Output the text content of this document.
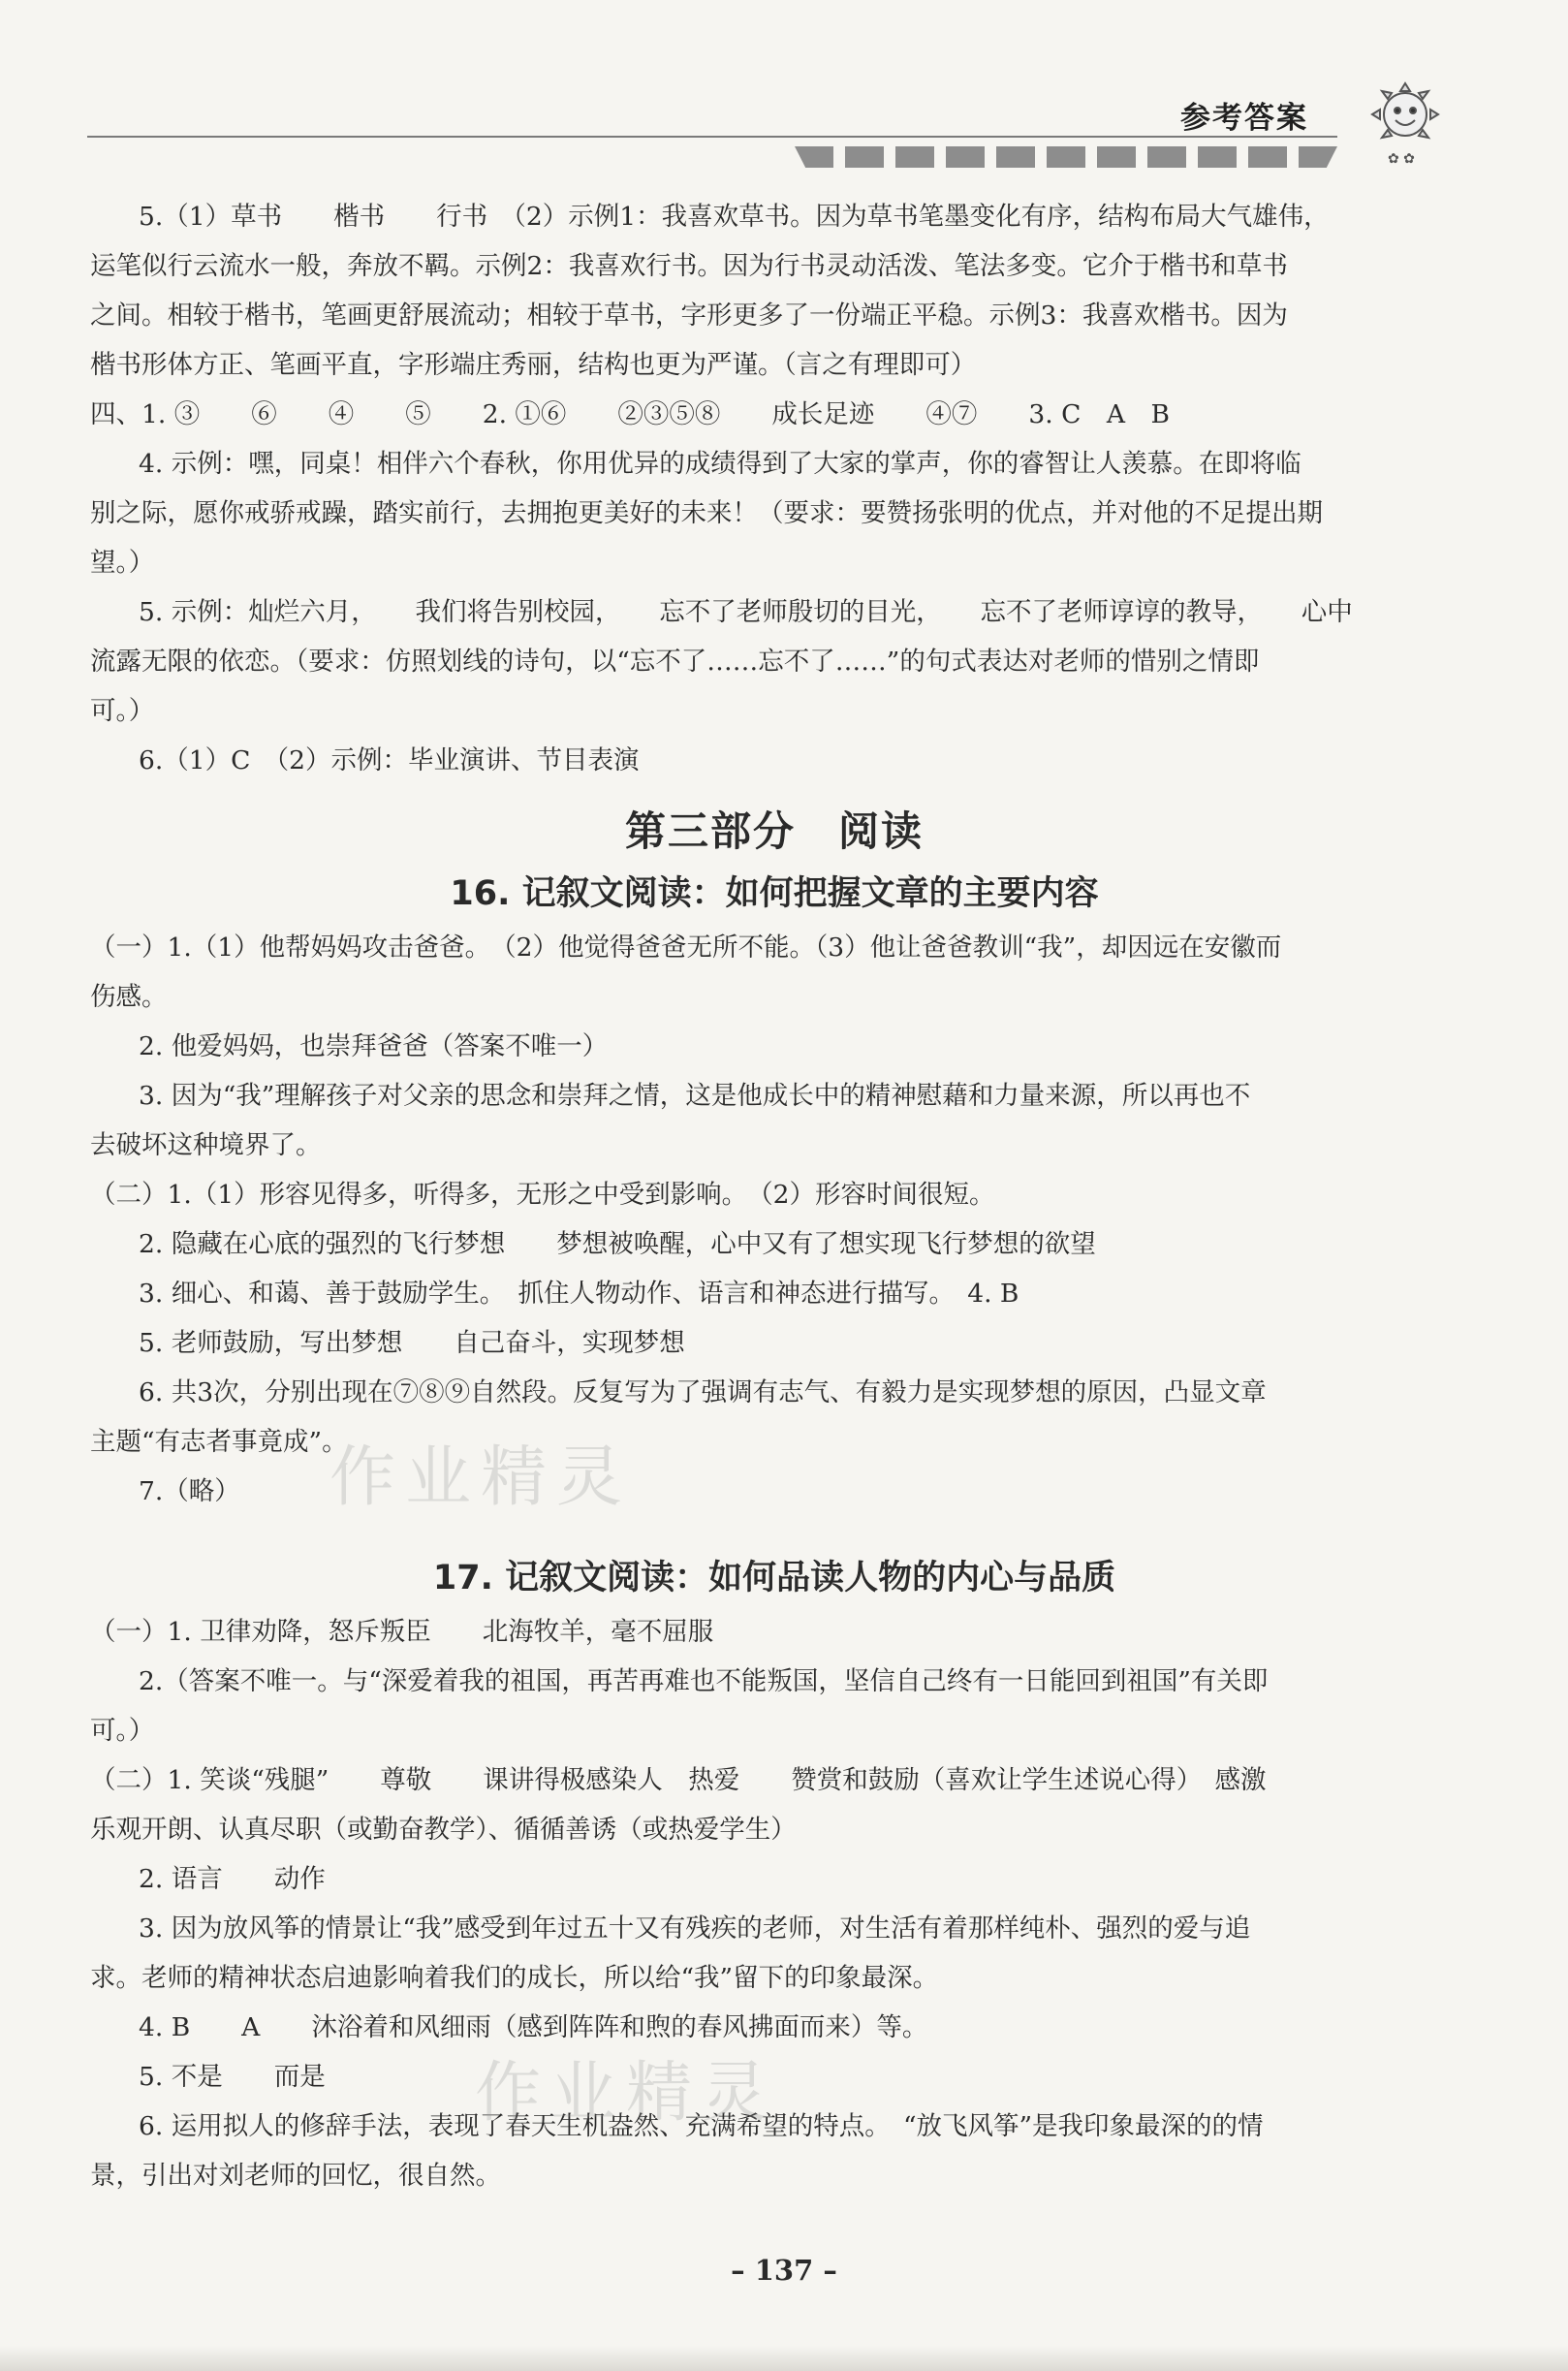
参考答案
✿ ✿

5.（1）草书　　楷书　　行书　（2）示例1：我喜欢草书。因为草书笔墨变化有序，结构布局大气雄伟，

运笔似行云流水一般，奔放不羁。示例2：我喜欢行书。因为行书灵动活泼、笔法多变。它介于楷书和草书

之间。相较于楷书，笔画更舒展流动；相较于草书，字形更多了一份端正平稳。示例3：我喜欢楷书。因为

楷书形体方正、笔画平直，字形端庄秀丽，结构也更为严谨。（言之有理即可）

四、1. ③　　⑥　　④　　⑤　　2. ①⑥　　②③⑤⑧　　成长足迹　　④⑦　　3. C　A　B

4. 示例：嘿，同桌！相伴六个春秋，你用优异的成绩得到了大家的掌声，你的睿智让人羡慕。在即将临

别之际，愿你戒骄戒躁，踏实前行，去拥抱更美好的未来！（要求：要赞扬张明的优点，并对他的不足提出期

望。）

5. 示例：灿烂六月，　　我们将告别校园，　　忘不了老师殷切的目光，　　忘不了老师谆谆的教导，　　心中

流露无限的依恋。（要求：仿照划线的诗句，以“忘不了……忘不了……”的句式表达对老师的惜别之情即

可。）

6.（1）C　（2）示例：毕业演讲、节目表演

第三部分　阅读
16. 记叙文阅读：如何把握文章的主要内容

（一）1.（1）他帮妈妈攻击爸爸。　（2）他觉得爸爸无所不能。（3）他让爸爸教训“我”，却因远在安徽而

伤感。

2. 他爱妈妈，也崇拜爸爸（答案不唯一）

3. 因为“我”理解孩子对父亲的思念和崇拜之情，这是他成长中的精神慰藉和力量来源，所以再也不

去破坏这种境界了。

（二）1.（1）形容见得多，听得多，无形之中受到影响。　（2）形容时间很短。

2. 隐藏在心底的强烈的飞行梦想　　梦想被唤醒，心中又有了想实现飞行梦想的欲望

3. 细心、和蔼、善于鼓励学生。　抓住人物动作、语言和神态进行描写。　4. B

5. 老师鼓励，写出梦想　　自己奋斗，实现梦想

6. 共3次，分别出现在⑦⑧⑨自然段。反复写为了强调有志气、有毅力是实现梦想的原因，凸显文章

主题“有志者事竟成”。

7.（略）

17. 记叙文阅读：如何品读人物的内心与品质

（一）1. 卫律劝降，怒斥叛臣　　北海牧羊，毫不屈服

2.（答案不唯一。与“深爱着我的祖国，再苦再难也不能叛国，坚信自己终有一日能回到祖国”有关即

可。）

（二）1. 笑谈“残腿”　　尊敬　　课讲得极感染人　热爱　　赞赏和鼓励（喜欢让学生述说心得）　感激

乐观开朗、认真尽职（或勤奋教学）、循循善诱（或热爱学生）

2. 语言　　动作

3. 因为放风筝的情景让“我”感受到年过五十又有残疾的老师，对生活有着那样纯朴、强烈的爱与追

求。老师的精神状态启迪影响着我们的成长，所以给“我”留下的印象最深。

4. B　　A　　沐浴着和风细雨（感到阵阵和煦的春风拂面而来）等。

5. 不是　　而是

6. 运用拟人的修辞手法，表现了春天生机盎然、充满希望的特点。　“放飞风筝”是我印象最深的的情

景，引出对刘老师的回忆，很自然。

作业精灵
作业精灵
– 137 –
